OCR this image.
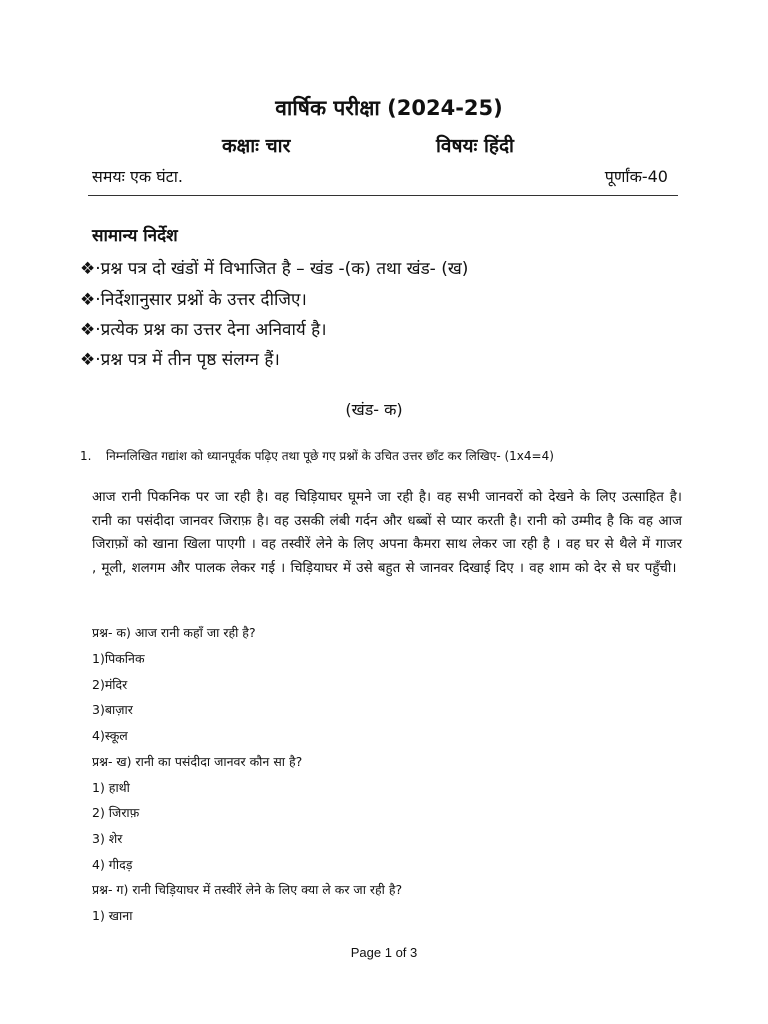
वार्षिक परीक्षा (2024-25)
कक्षाः चार	विषयः हिंदी
समयः एक घंटा.	पूर्णांक-40
सामान्य निर्देश
❖·प्रश्न पत्र दो खंडों में विभाजित है – खंड -(क) तथा खंड- (ख)
❖·निर्देशानुसार प्रश्नों के उत्तर दीजिए।
❖·प्रत्येक प्रश्न का उत्तर देना अनिवार्य है।
❖·प्रश्न पत्र में तीन पृष्ठ संलग्न हैं।
(खंड- क)
1. निम्नलिखित गद्यांश को ध्यानपूर्वक पढ़िए तथा पूछे गए प्रश्नों के उचित उत्तर छाँट कर लिखिए- (1x4=4)
आज रानी पिकनिक पर जा रही है। वह चिड़ियाघर घूमने जा रही है। वह सभी जानवरों को देखने के लिए उत्साहित है। रानी का पसंदीदा जानवर जिराफ़ है। वह उसकी लंबी गर्दन और धब्बों से प्यार करती है। रानी को उम्मीद है कि वह आज जिराफ़ों को खाना खिला पाएगी । वह तस्वीरें लेने के लिए अपना कैमरा साथ लेकर जा रही है । वह घर से थैले में गाजर , मूली, शलगम और पालक लेकर गई । चिड़ियाघर में उसे बहुत से जानवर दिखाई दिए । वह शाम को देर से घर पहुँची।
प्रश्न- क) आज रानी कहाँ जा रही है?
1)पिकनिक
2)मंदिर
3)बाज़ार
4)स्कूल
प्रश्न- ख) रानी का पसंदीदा जानवर कौन सा है?
1) हाथी
2) जिराफ़
3) शेर
4) गीदड़
प्रश्न- ग) रानी चिड़ियाघर में तस्वीरें लेने के लिए क्या ले कर जा रही है?
1) खाना
Page 1 of 3
